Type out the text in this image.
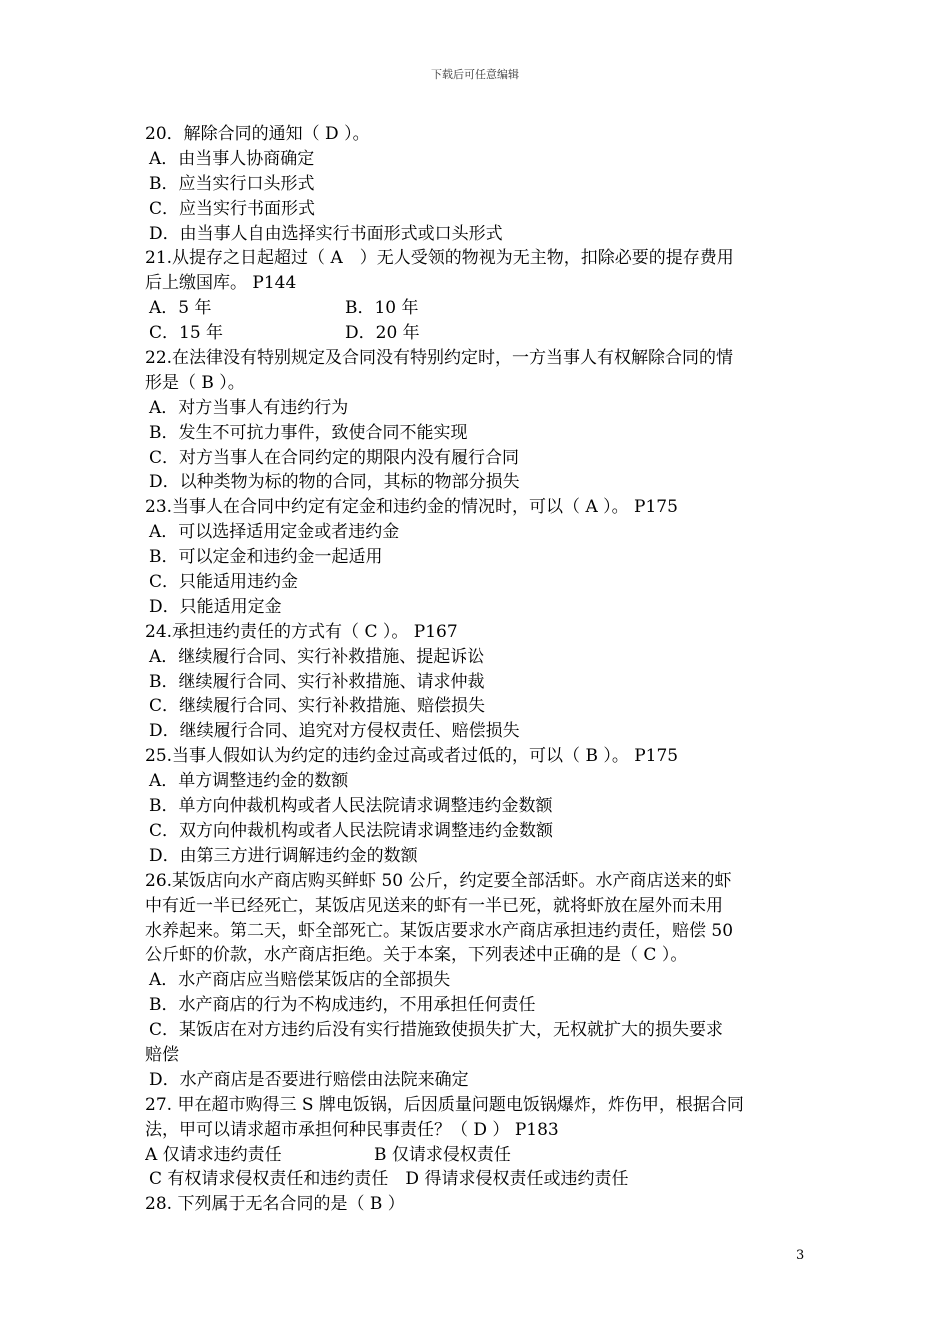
下载后可任意编辑
20．解除合同的通知（ D ）。
A．由当事人协商确定
B．应当实行口头形式
C．应当实行书面形式
D．由当事人自由选择实行书面形式或口头形式
21.从提存之日起超过（ A　）无人受领的物视为无主物，扣除必要的提存费用
后上缴国库。 P144
A．5 年	B．10 年
C．15 年	D．20 年
22.在法律没有特别规定及合同没有特别约定时，一方当事人有权解除合同的情
形是（ B ）。
A．对方当事人有违约行为
B．发生不可抗力事件，致使合同不能实现
C．对方当事人在合同约定的期限内没有履行合同
D．以种类物为标的物的合同，其标的物部分损失
23.当事人在合同中约定有定金和违约金的情况时，可以（ A ）。 P175
A．可以选择适用定金或者违约金
B．可以定金和违约金一起适用
C．只能适用违约金
D．只能适用定金
24.承担违约责任的方式有（ C ）。 P167
A．继续履行合同、实行补救措施、提起诉讼
B．继续履行合同、实行补救措施、请求仲裁
C．继续履行合同、实行补救措施、赔偿损失
D．继续履行合同、追究对方侵权责任、赔偿损失
25.当事人假如认为约定的违约金过高或者过低的，可以（ B ）。 P175
A．单方调整违约金的数额
B．单方向仲裁机构或者人民法院请求调整违约金数额
C．双方向仲裁机构或者人民法院请求调整违约金数额
D．由第三方进行调解违约金的数额
26.某饭店向水产商店购买鲜虾 50 公斤，约定要全部活虾。水产商店送来的虾
中有近一半已经死亡，某饭店见送来的虾有一半已死，就将虾放在屋外而未用
水养起来。第二天，虾全部死亡。某饭店要求水产商店承担违约责任，赔偿 50
公斤虾的价款，水产商店拒绝。关于本案，下列表述中正确的是（ C ）。
A．水产商店应当赔偿某饭店的全部损失
B．水产商店的行为不构成违约，不用承担任何责任
C．某饭店在对方违约后没有实行措施致使损失扩大，无权就扩大的损失要求
赔偿
D．水产商店是否要进行赔偿由法院来确定
27. 甲在超市购得三 S 牌电饭锅，后因质量问题电饭锅爆炸，炸伤甲，根据合同
法，甲可以请求超市承担何种民事责任？（ D ） P183
A 仅请求违约责任	B 仅请求侵权责任
C 有权请求侵权责任和违约责任　D 得请求侵权责任或违约责任
28. 下列属于无名合同的是（ B ）
3
